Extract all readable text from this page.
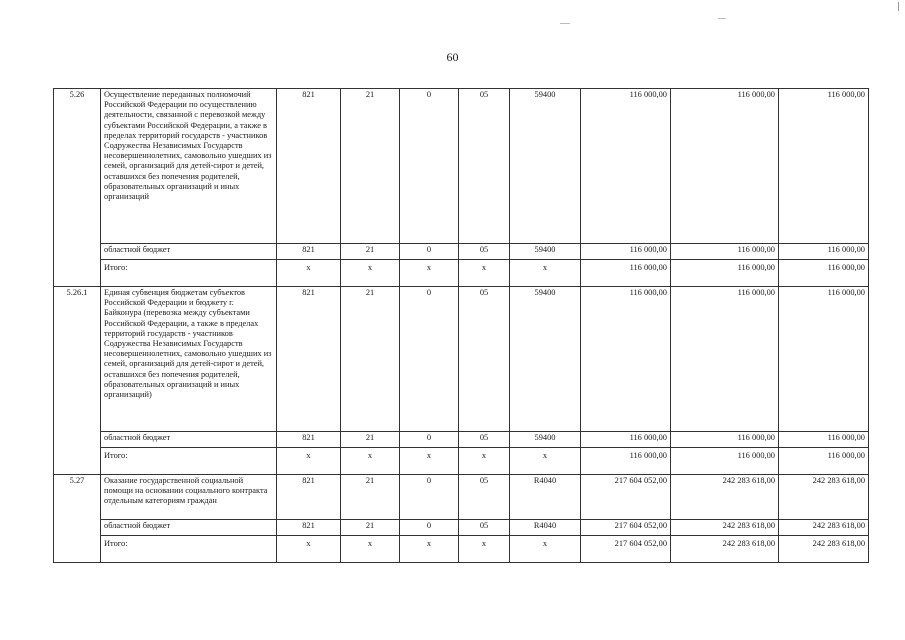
60
5.26	Осуществление переданных полномочий Российской Федерации по осуществлению деятельности, связанной с перевозкой между субъектами Российской Федерации, а также в пределах территорий государств - участников Содружества Независимых Государств несовершеннолетних, самовольно ушедших из семей, организаций для детей-сирот и детей, оставшихся без попечения родителей, образовательных организаций и иных организаций	821	21	0	05	59400	116 000,00	116 000,00	116 000,00
	областной бюджет	821	21	0	05	59400	116 000,00	116 000,00	116 000,00
	Итого:	x	x	x	x	x	116 000,00	116 000,00	116 000,00
5.26.1	Единая субвенция бюджетам субъектов Российской Федерации и бюджету г. Байконура (перевозка между субъектами Российской Федерации, а также в пределах территорий государств - участников Содружества Независимых Государств несовершеннолетних, самовольно ушедших из семей, организаций для детей-сирот и детей, оставшихся без попечения родителей, образовательных организаций и иных организаций)	821	21	0	05	59400	116 000,00	116 000,00	116 000,00
	областной бюджет	821	21	0	05	59400	116 000,00	116 000,00	116 000,00
	Итого:	x	x	x	x	x	116 000,00	116 000,00	116 000,00
5.27	Оказание государственной социальной помощи на основании социального контракта отдельным категориям граждан	821	21	0	05	R4040	217 604 052,00	242 283 618,00	242 283 618,00
	областной бюджет	821	21	0	05	R4040	217 604 052,00	242 283 618,00	242 283 618,00
	Итого:	x	x	x	x	x	217 604 052,00	242 283 618,00	242 283 618,00
